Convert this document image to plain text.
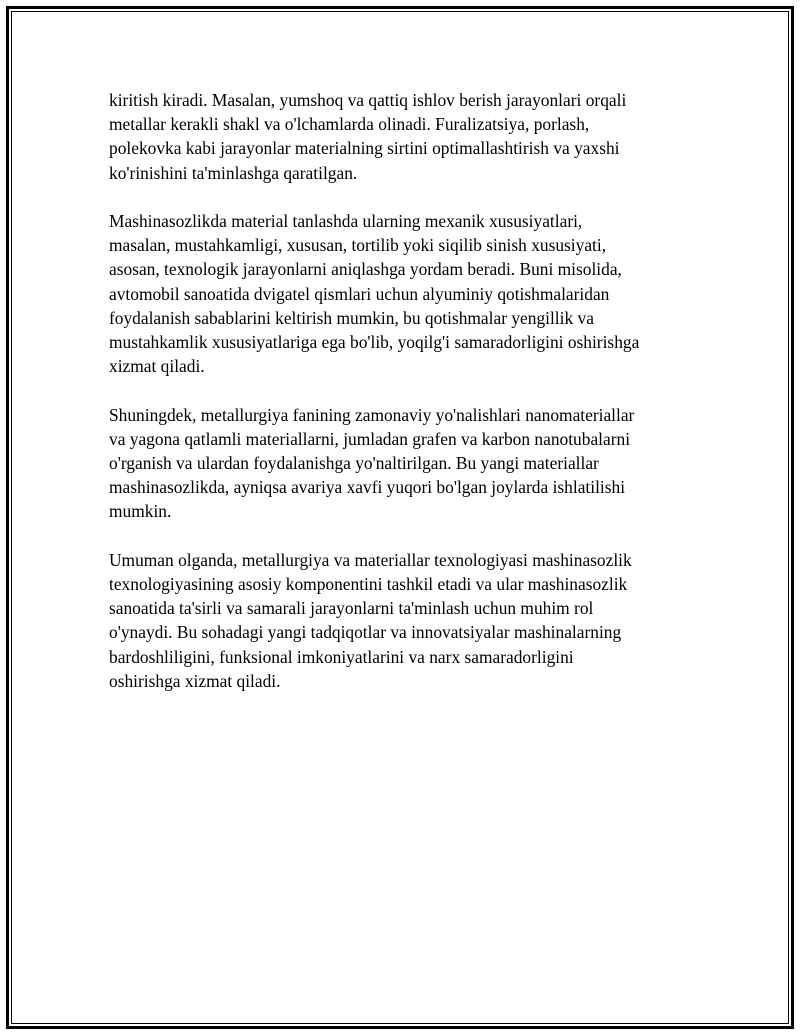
kiritish kiradi. Masalan, yumshoq va qattiq ishlov berish jarayonlari orqali
metallar kerakli shakl va o'lchamlarda olinadi. Furalizatsiya, porlash,
polekovka kabi jarayonlar materialning sirtini optimallashtirish va yaxshi
ko'rinishini ta'minlashga qaratilgan.

Mashinasozlikda material tanlashda ularning mexanik xususiyatlari,
masalan, mustahkamligi, xususan, tortilib yoki siqilib sinish xususiyati,
asosan, texnologik jarayonlarni aniqlashga yordam beradi. Buni misolida,
avtomobil sanoatida dvigatel qismlari uchun alyuminiy qotishmalaridan
foydalanish sabablarini keltirish mumkin, bu qotishmalar yengillik va
mustahkamlik xususiyatlariga ega bo'lib, yoqilg'i samaradorligini oshirishga
xizmat qiladi.

Shuningdek, metallurgiya fanining zamonaviy yo'nalishlari nanomateriallar
va yagona qatlamli materiallarni, jumladan grafen va karbon nanotubalarni
o'rganish va ulardan foydalanishga yo'naltirilgan. Bu yangi materiallar
mashinasozlikda, ayniqsa avariya xavfi yuqori bo'lgan joylarda ishlatilishi
mumkin.

Umuman olganda, metallurgiya va materiallar texnologiyasi mashinasozlik
texnologiyasining asosiy komponentini tashkil etadi va ular mashinasozlik
sanoatida ta'sirli va samarali jarayonlarni ta'minlash uchun muhim rol
o'ynaydi. Bu sohadagi yangi tadqiqotlar va innovatsiyalar mashinalarning
bardoshliligini, funksional imkoniyatlarini va narx samaradorligini
oshirishga xizmat qiladi.
